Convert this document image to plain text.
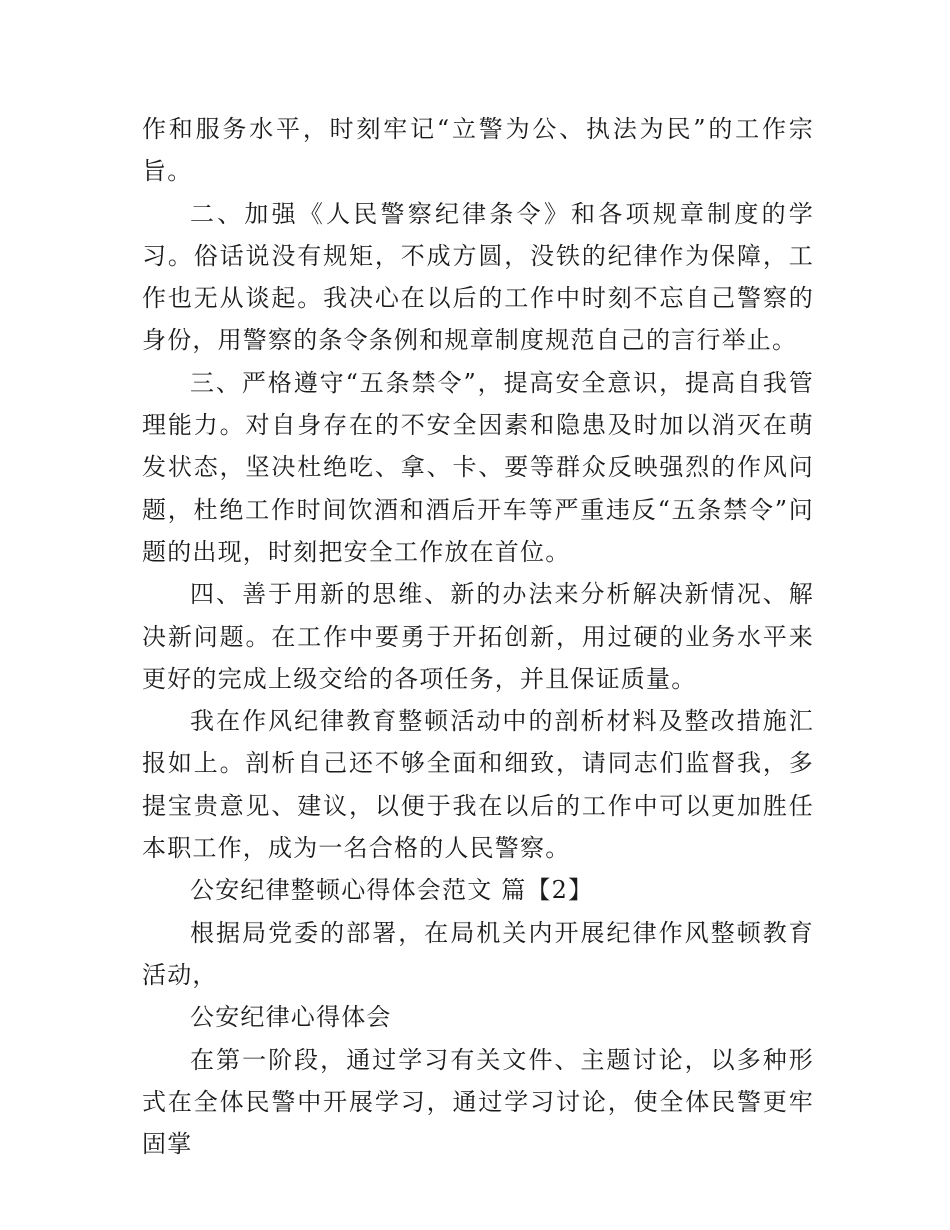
作和服务水平，时刻牢记“立警为公、执法为民”的工作宗旨。

二、加强《人民警察纪律条令》和各项规章制度的学习。俗话说没有规矩，不成方圆，没铁的纪律作为保障，工作也无从谈起。我决心在以后的工作中时刻不忘自己警察的身份，用警察的条令条例和规章制度规范自己的言行举止。

三、严格遵守“五条禁令”，提高安全意识，提高自我管理能力。对自身存在的不安全因素和隐患及时加以消灭在萌发状态，坚决杜绝吃、拿、卡、要等群众反映强烈的作风问题，杜绝工作时间饮酒和酒后开车等严重违反“五条禁令”问题的出现，时刻把安全工作放在首位。

四、善于用新的思维、新的办法来分析解决新情况、解决新问题。在工作中要勇于开拓创新，用过硬的业务水平来更好的完成上级交给的各项任务，并且保证质量。

我在作风纪律教育整顿活动中的剖析材料及整改措施汇报如上。剖析自己还不够全面和细致，请同志们监督我，多提宝贵意见、建议，以便于我在以后的工作中可以更加胜任本职工作，成为一名合格的人民警察。

公安纪律整顿心得体会范文 篇【2】

根据局党委的部署，在局机关内开展纪律作风整顿教育活动，

公安纪律心得体会

在第一阶段，通过学习有关文件、主题讨论，以多种形式在全体民警中开展学习，通过学习讨论，使全体民警更牢固掌
